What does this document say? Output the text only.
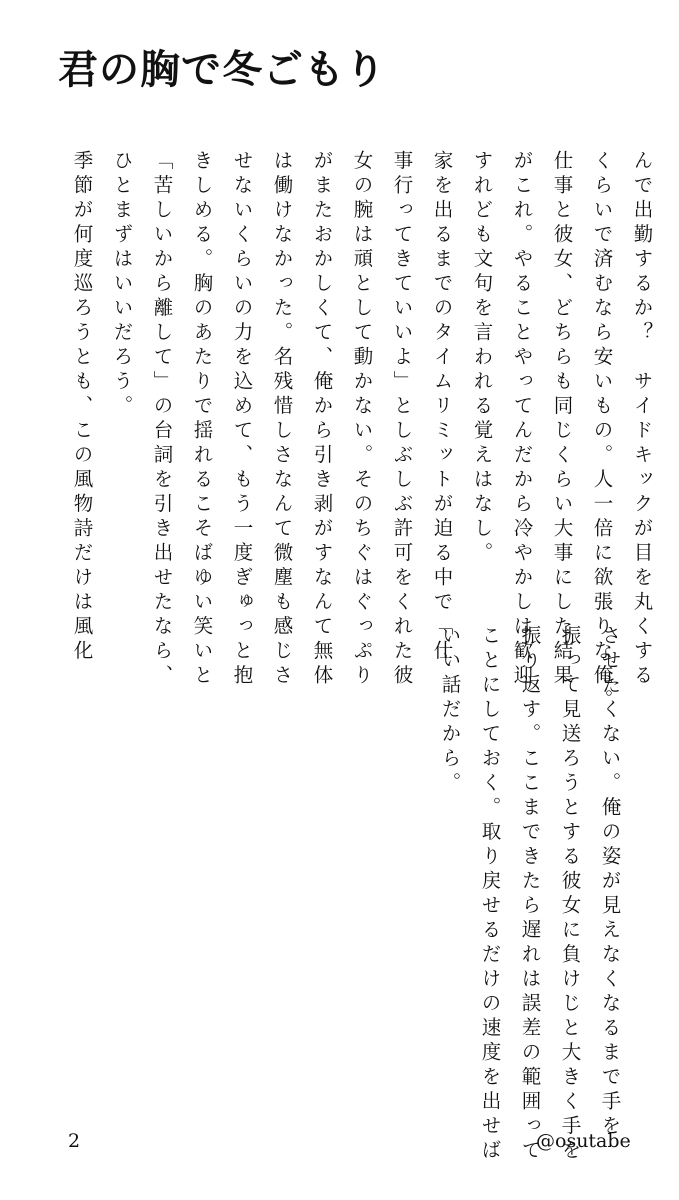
君の胸で冬ごもり
季節が何度巡ろうとも、この風物詩だけは風化 ひとまずはいいだろう。 「苦しいから離して」の台詞を引き出せたなら、 きしめる。胸のあたりで揺れるこそばゆい笑いと せないくらいの力を込めて、もう一度ぎゅっと抱 は働けなかった。名残惜しさなんて微塵も感じさ がまたおかしくて、俺から引き剥がすなんて無体 女の腕は頑として動かない。そのちぐはぐっぷり 事行ってきていいよ」としぶしぶ許可をくれた彼 家を出るまでのタイムリミットが迫る中で「仕 すれども文句を言われる覚えはなし。 がこれ。やることやってんだから冷やかしは歓迎 仕事と彼女、どちらも同じくらい大事にした結果 くらいで済むなら安いもの。人一倍に欲張りな俺。
いい話だから。 ことにしておく。取り戻せるだけの速度を出せば 振り返す。ここまできたら遅れは誤差の範囲って 振って見送ろうとする彼女に負けじと大きく手を させたくない。俺の姿が見えなくなるまで手を
んで出勤するか？　サイドキックが目を丸くする
2	@osutabe
